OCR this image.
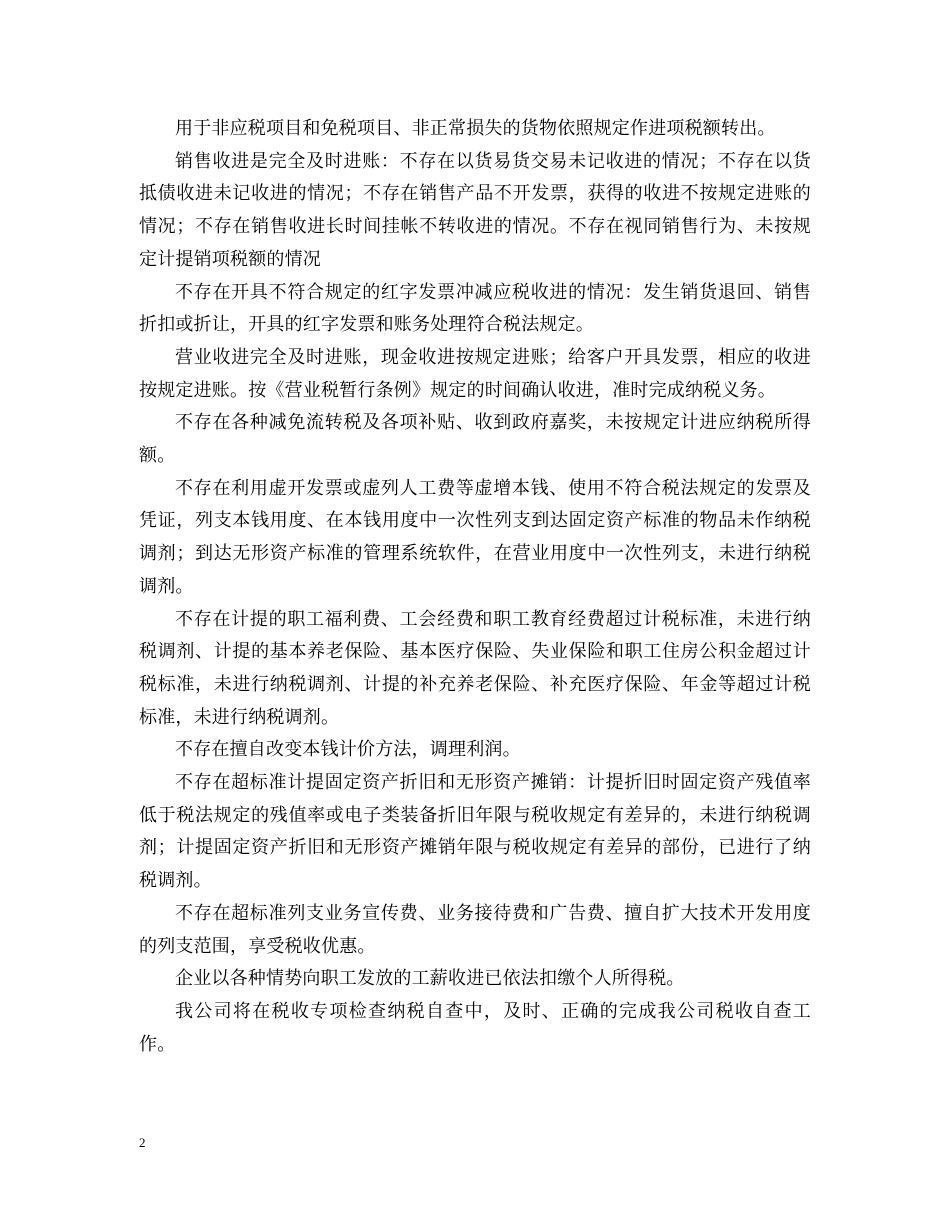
用于非应税项目和免税项目、非正常损失的货物依照规定作进项税额转出。

销售收进是完全及时进账：不存在以货易货交易未记收进的情况；不存在以货抵债收进未记收进的情况；不存在销售产品不开发票，获得的收进不按规定进账的情况；不存在销售收进长时间挂帐不转收进的情况。不存在视同销售行为、未按规定计提销项税额的情况

不存在开具不符合规定的红字发票冲减应税收进的情况：发生销货退回、销售折扣或折让，开具的红字发票和账务处理符合税法规定。

营业收进完全及时进账，现金收进按规定进账；给客户开具发票，相应的收进按规定进账。按《营业税暂行条例》规定的时间确认收进，准时完成纳税义务。

不存在各种减免流转税及各项补贴、收到政府嘉奖，未按规定计进应纳税所得额。

不存在利用虚开发票或虚列人工费等虚增本钱、使用不符合税法规定的发票及凭证，列支本钱用度、在本钱用度中一次性列支到达固定资产标准的物品未作纳税调剂；到达无形资产标准的管理系统软件，在营业用度中一次性列支，未进行纳税调剂。

不存在计提的职工福利费、工会经费和职工教育经费超过计税标准，未进行纳税调剂、计提的基本养老保险、基本医疗保险、失业保险和职工住房公积金超过计税标准，未进行纳税调剂、计提的补充养老保险、补充医疗保险、年金等超过计税标准，未进行纳税调剂。

不存在擅自改变本钱计价方法，调理利润。

不存在超标准计提固定资产折旧和无形资产摊销：计提折旧时固定资产残值率低于税法规定的残值率或电子类装备折旧年限与税收规定有差异的，未进行纳税调剂；计提固定资产折旧和无形资产摊销年限与税收规定有差异的部份，已进行了纳税调剂。

不存在超标准列支业务宣传费、业务接待费和广告费、擅自扩大技术开发用度的列支范围，享受税收优惠。

企业以各种情势向职工发放的工薪收进已依法扣缴个人所得税。

我公司将在税收专项检查纳税自查中，及时、正确的完成我公司税收自查工作。

2
